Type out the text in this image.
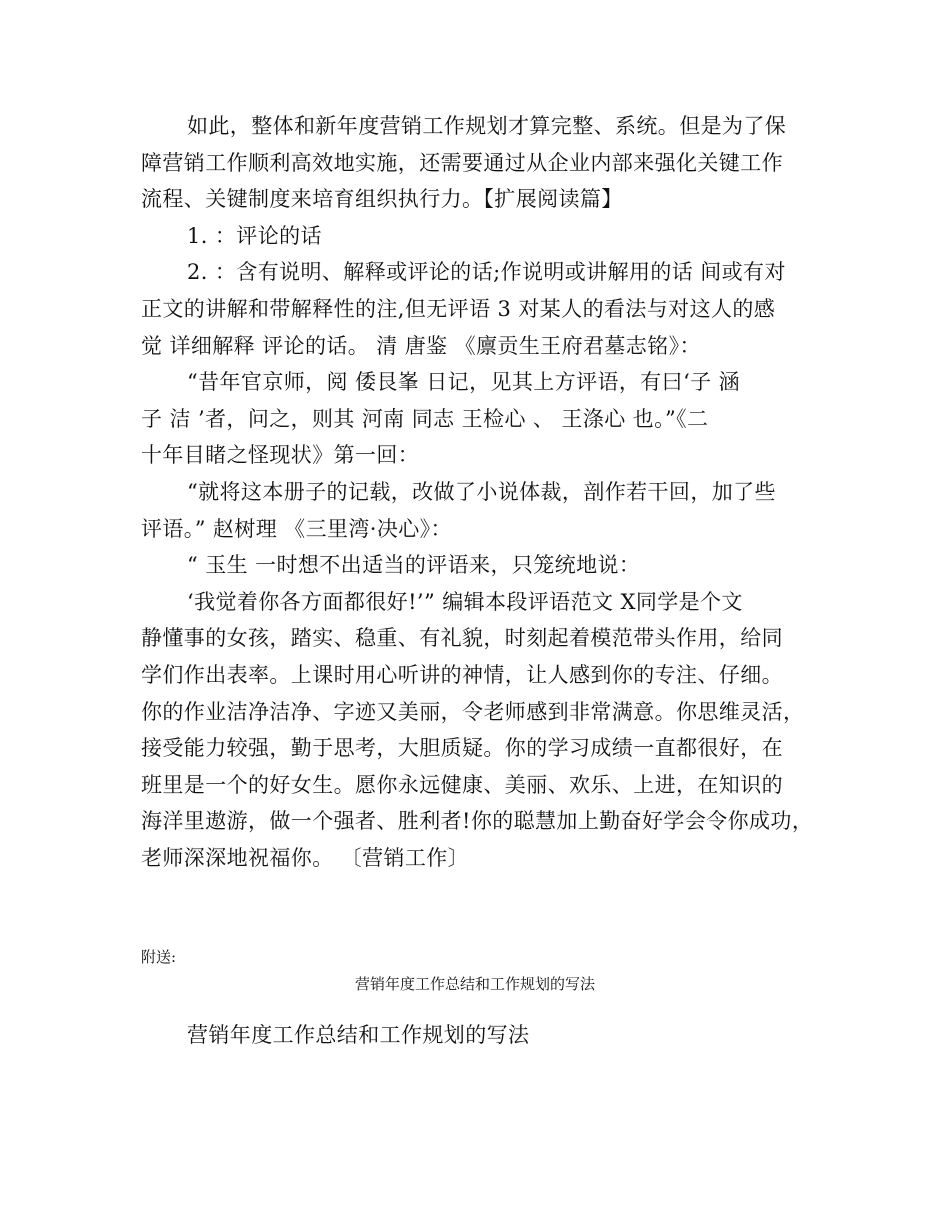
如此，整体和新年度营销工作规划才算完整、系统。但是为了保
障营销工作顺利高效地实施，还需要通过从企业内部来强化关键工作
流程、关键制度来培育组织执行力。【扩展阅读篇】
1. ：评论的话
2. ：含有说明、解释或评论的话;作说明或讲解用的话 间或有对
正文的讲解和带解释性的注,但无评语 3 对某人的看法与对这人的感
觉 详细解释 评论的话。 清 唐鉴 《廪贡生王府君墓志铭》：
“昔年官京师，阅 倭艮峯 日记，见其上方评语，有曰‘子 涵
子 洁 ’者，问之，则其 河南 同志 王检心 、 王涤心 也。”《二
十年目睹之怪现状》第一回：
“就将这本册子的记载，改做了小说体裁，剖作若干回，加了些
评语。” 赵树理 《三里湾·决心》：
“ 玉生 一时想不出适当的评语来，只笼统地说：
‘我觉着你各方面都很好!’” 编辑本段评语范文 X同学是个文
静懂事的女孩，踏实、稳重、有礼貌，时刻起着模范带头作用，给同
学们作出表率。上课时用心听讲的神情，让人感到你的专注、仔细。
你的作业洁净洁净、字迹又美丽，令老师感到非常满意。你思维灵活，
接受能力较强，勤于思考，大胆质疑。你的学习成绩一直都很好，在
班里是一个的好女生。愿你永远健康、美丽、欢乐、上进，在知识的
海洋里遨游，做一个强者、胜利者!你的聪慧加上勤奋好学会令你成功，
老师深深地祝福你。 〔营销工作〕
附送:
营销年度工作总结和工作规划的写法
营销年度工作总结和工作规划的写法
